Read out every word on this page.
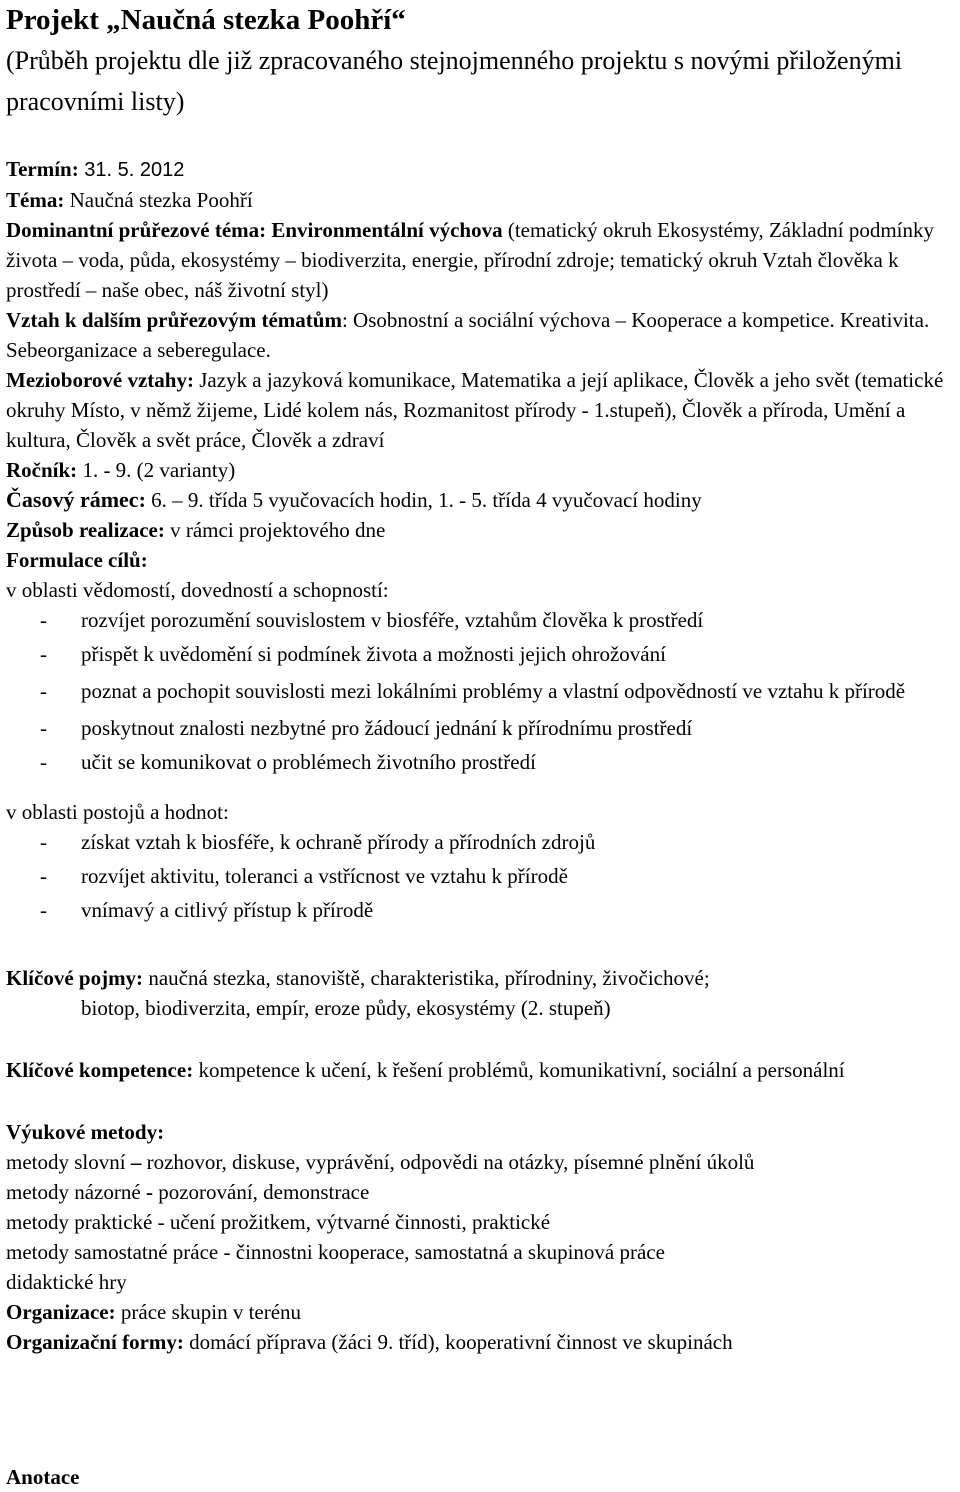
Projekt „Naučná stezka Poohří“
(Průběh projektu dle již zpracovaného stejnojmenného projektu s novými přiloženými pracovními listy)

Termín: 31. 5. 2012

Téma: Naučná stezka Poohří

Dominantní průřezové téma: Environmentální výchova (tematický okruh Ekosystémy, Základní podmínky života – voda, půda, ekosystémy – biodiverzita, energie, přírodní zdroje; tematický okruh Vztah člověka k prostředí – naše obec, náš životní styl)

Vztah k dalším průřezovým tématům: Osobnostní a sociální výchova – Kooperace a kompetice. Kreativita. Sebeorganizace a seberegulace.

Mezioborové vztahy: Jazyk a jazyková komunikace, Matematika a její aplikace, Člověk a jeho svět (tematické okruhy Místo, v němž žijeme, Lidé kolem nás, Rozmanitost přírody - 1.stupeň), Člověk a příroda, Umění a kultura, Člověk a svět práce, Člověk a zdraví

Ročník: 1. - 9. (2 varianty)

Časový rámec: 6. – 9. třída 5 vyučovacích hodin, 1. - 5. třída 4 vyučovací hodiny

Způsob realizace: v rámci projektového dne

Formulace cílů:

v oblasti vědomostí, dovedností a schopností:

- rozvíjet porozumění souvislostem v biosféře, vztahům člověka k prostředí
- přispět k uvědomění si podmínek života a možnosti jejich ohrožování
- poznat a pochopit souvislosti mezi lokálními problémy a vlastní odpovědností ve vztahu k přírodě
- poskytnout znalosti nezbytné pro žádoucí jednání k přírodnímu prostředí
- učit se komunikovat o problémech životního prostředí

v oblasti postojů a hodnot:

- získat vztah k biosféře, k ochraně přírody a přírodních zdrojů
- rozvíjet aktivitu, toleranci a vstřícnost ve vztahu k přírodě
- vnímavý a citlivý přístup k přírodě

Klíčové pojmy: naučná stezka, stanoviště, charakteristika, přírodniny, živočichové;

biotop, biodiverzita, empír, eroze půdy, ekosystémy (2. stupeň)

Klíčové kompetence: kompetence k učení, k řešení problémů, komunikativní, sociální a personální

Výukové metody:

metody slovní – rozhovor, diskuse, vyprávění, odpovědi na otázky, písemné plnění úkolů

metody názorné - pozorování, demonstrace

metody praktické - učení prožitkem, výtvarné činnosti, praktické

metody samostatné práce - činnostni kooperace, samostatná a skupinová práce

didaktické hry

Organizace: práce skupin v terénu

Organizační formy: domácí příprava (žáci 9. tříd), kooperativní činnost ve skupinách

Anotace
